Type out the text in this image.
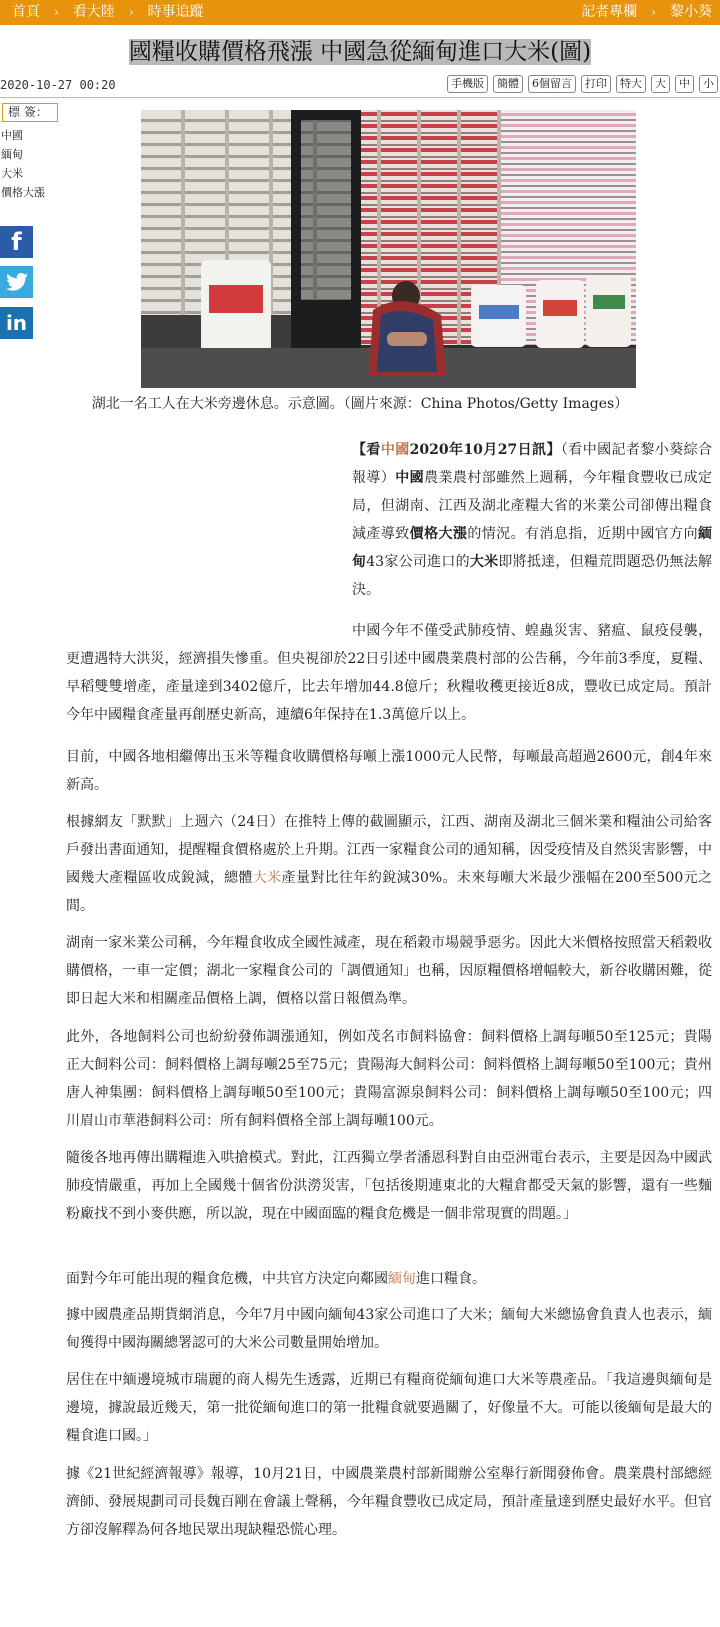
首頁 › 看大陸 › 時事追蹤	記者專欄 › 黎小葵
國糧收購價格飛漲 中國急從緬甸進口大米(圖)
2020-10-27 00:20	手機版	簡體	6個留言	打印	特大	大	中	小
標 簽：
中國
緬甸
大米
價格大漲
f
in
湖北一名工人在大米旁邊休息。示意圖。（圖片來源：China Photos/Getty Images）

【看中國2020年10月27日訊】（看中國記者黎小葵綜合報導）中國農業農村部雖然上週稱，今年糧食豐收已成定局，但湖南、江西及湖北產糧大省的米業公司卻傳出糧食減產導致價格大漲的情況。有消息指，近期中國官方向緬甸43家公司進口的大米即將抵達，但糧荒問題恐仍無法解決。

中國今年不僅受武肺疫情、蝗蟲災害、豬瘟、鼠疫侵襲，更遭遇特大洪災，經濟損失慘重。但央視卻於22日引述中國農業農村部的公告稱，今年前3季度，夏糧、早稻雙雙增產，產量達到3402億斤，比去年增加44.8億斤；秋糧收穫更接近8成，豐收已成定局。預計今年中國糧食產量再創歷史新高，連續6年保持在1.3萬億斤以上。

目前，中國各地相繼傳出玉米等糧食收購價格每噸上漲1000元人民幣，每噸最高超過2600元，創4年來新高。

根據網友「默默」上週六（24日）在推特上傳的截圖顯示，江西、湖南及湖北三個米業和糧油公司給客戶發出書面通知，提醒糧食價格處於上升期。江西一家糧食公司的通知稱，因受疫情及自然災害影響，中國幾大產糧區收成銳減，總體大米產量對比往年約銳減30%。未來每噸大米最少漲幅在200至500元之間。

湖南一家米業公司稱，今年糧食收成全國性減產，現在稻穀市場競爭惡劣。因此大米價格按照當天稻穀收購價格，一車一定價；湖北一家糧食公司的「調價通知」也稱，因原糧價格增幅較大，新谷收購困難，從即日起大米和相關產品價格上調，價格以當日報價為準。

此外，各地飼料公司也紛紛發佈調漲通知，例如茂名市飼料協會：飼料價格上調每噸50至125元；貴陽正大飼料公司：飼料價格上調每噸25至75元；貴陽海大飼料公司：飼料價格上調每噸50至100元；貴州唐人神集團：飼料價格上調每噸50至100元；貴陽富源泉飼料公司：飼料價格上調每噸50至100元；四川眉山市華港飼料公司：所有飼料價格全部上調每噸100元。

隨後各地再傳出購糧進入哄搶模式。對此，江西獨立學者潘恩科對自由亞洲電台表示，主要是因為中國武肺疫情嚴重，再加上全國幾十個省份洪澇災害，「包括後期連東北的大糧倉都受天氣的影響，還有一些麵粉廠找不到小麥供應，所以說，現在中國面臨的糧食危機是一個非常現實的問題。」

面對今年可能出現的糧食危機，中共官方決定向鄰國緬甸進口糧食。

據中國農產品期貨網消息，今年7月中國向緬甸43家公司進口了大米；緬甸大米總協會負責人也表示，緬甸獲得中國海關總署認可的大米公司數量開始增加。

居住在中緬邊境城市瑞麗的商人楊先生透露，近期已有糧商從緬甸進口大米等農產品。「我這邊與緬甸是邊境，據說最近幾天，第一批從緬甸進口的第一批糧食就要過關了，好像量不大。可能以後緬甸是最大的糧食進口國。」

據《21世紀經濟報導》報導，10月21日，中國農業農村部新聞辦公室舉行新聞發佈會。農業農村部總經濟師、發展規劃司司長魏百剛在會議上聲稱，今年糧食豐收已成定局，預計產量達到歷史最好水平。但官方卻沒解釋為何各地民眾出現缺糧恐慌心理。
